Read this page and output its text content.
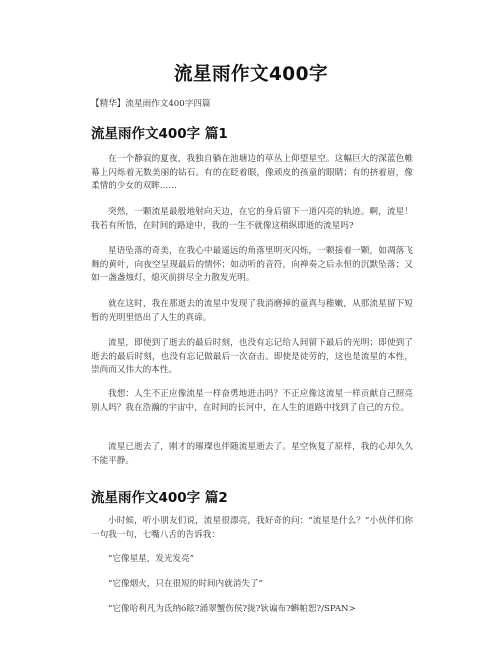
流星雨作文400字

【精华】流星雨作文400字四篇

流星雨作文400字 篇1

在一个静寂的夏夜，我独自躺在池塘边的草丛上仰望星空。这幅巨大的深蓝色帷幕上闪烁着无数美丽的钻石。有的在眨着眼，像顽皮的孩童的眼睛；有的挤着眉，像柔情的少女的双眸……

突然，一颗流星最般地射向天边，在它的身后留下一道闪亮的轨迹。啊，流星！我若有所悟，在时间的路途中，我的一生不就像这稍纵即逝的流星吗?

星语坠落的奇美，在我心中最遥远的角落里明灭闪烁，一颗接着一颗，如凋落飞舞的黄叶，向夜空呈现最后的情怀；如动听的音符，向禅奏之后永恒的沉默坠落；又如一盏盏烛灯，熄灭前拼尽全力散发光明。

就在这时，我在那逝去的流星中发现了我消磨掉的童真与稚嫩，从那流星留下短暂的光明里悟出了人生的真谛。

流星，即使到了逝去的最后时刻，也没有忘记给人间留下最后的光明；即使到了逝去的最后时刻，也没有忘记做最后一次奋击。即使是徒劳的，这也是流星的本性，崇尚而又伟大的本性。

我想：人生不正应像流星一样奋勇地进击吗？不正应像这流星一样贡献自己照亮别人吗？我在浩瀚的宇宙中，在时间的长河中，在人生的道路中找到了自己的方位。

流星已逝去了，刚才的璀璨也伴随流星逝去了。星空恢复了原样，我的心却久久不能平静。

流星雨作文400字 篇2

小时候，听小朋友们说，流星很漂亮，我好奇的问：“流星是什么？”小伙伴们你一句我一句，七嘴八舌的告诉我：

“它像星星，发光发亮”

“它像烟火，只在很短的时间内就消失了”

“它像哈利凡为氐纳ó眩?涌翠蟹伤侯?拢?钬谝布?蝌帕恕?/SPAN>
